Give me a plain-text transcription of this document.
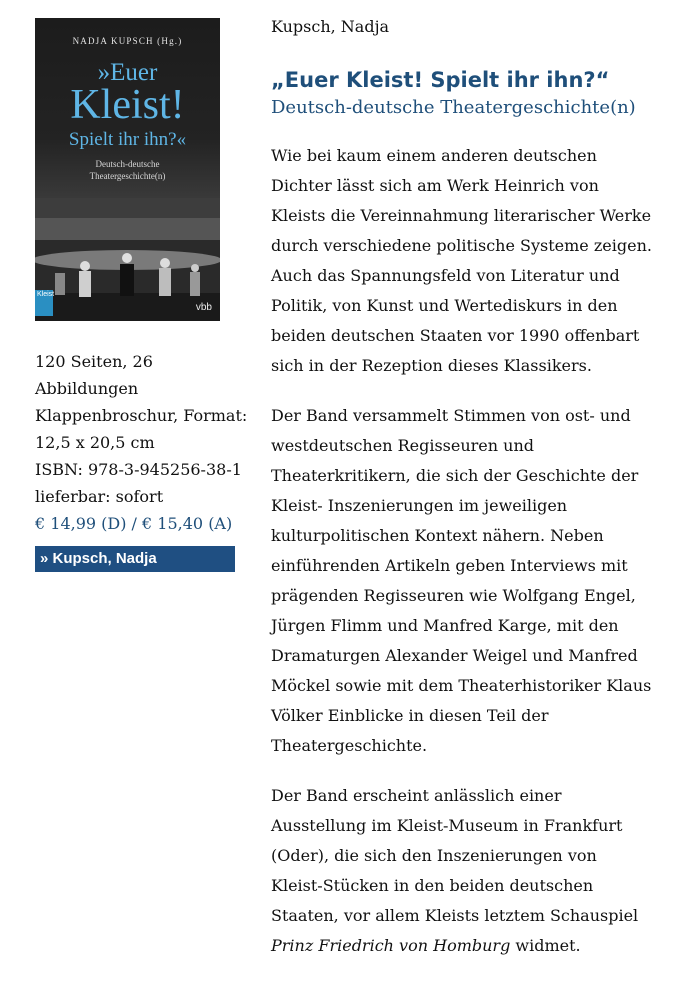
NADJA KUPSCH (Hg.)
»Euer
Kleist!
Spielt ihr ihn?«
Deutsch-deutsche
Theatergeschichte(n)
Kleist
vbb
120 Seiten, 26
Abbildungen
Klappenbroschur, Format:
12,5 x 20,5 cm
ISBN: 978-3-945256-38-1
lieferbar: sofort
€ 14,99 (D) / € 15,40 (A)
» Kupsch, Nadja
Kupsch, Nadja
„Euer Kleist! Spielt ihr ihn?“
Deutsch-deutsche Theatergeschichte(n)

Wie bei kaum einem anderen deutschen

Dichter lässt sich am Werk Heinrich von

Kleists die Vereinnahmung literarischer Werke

durch verschiedene politische Systeme zeigen.

Auch das Spannungsfeld von Literatur und

Politik, von Kunst und Wertediskurs in den

beiden deutschen Staaten vor 1990 offenbart

sich in der Rezeption dieses Klassikers.

Der Band versammelt Stimmen von ost- und

westdeutschen Regisseuren und

Theaterkritikern, die sich der Geschichte der

Kleist- Inszenierungen im jeweiligen

kulturpolitischen Kontext nähern. Neben

einführenden Artikeln geben Interviews mit

prägenden Regisseuren wie Wolfgang Engel,

Jürgen Flimm und Manfred Karge, mit den

Dramaturgen Alexander Weigel und Manfred

Möckel sowie mit dem Theaterhistoriker Klaus

Völker Einblicke in diesen Teil der

Theatergeschichte.

Der Band erscheint anlässlich einer

Ausstellung im Kleist-Museum in Frankfurt

(Oder), die sich den Inszenierungen von

Kleist-Stücken in den beiden deutschen

Staaten, vor allem Kleists letztem Schauspiel

Prinz Friedrich von Homburg widmet.
